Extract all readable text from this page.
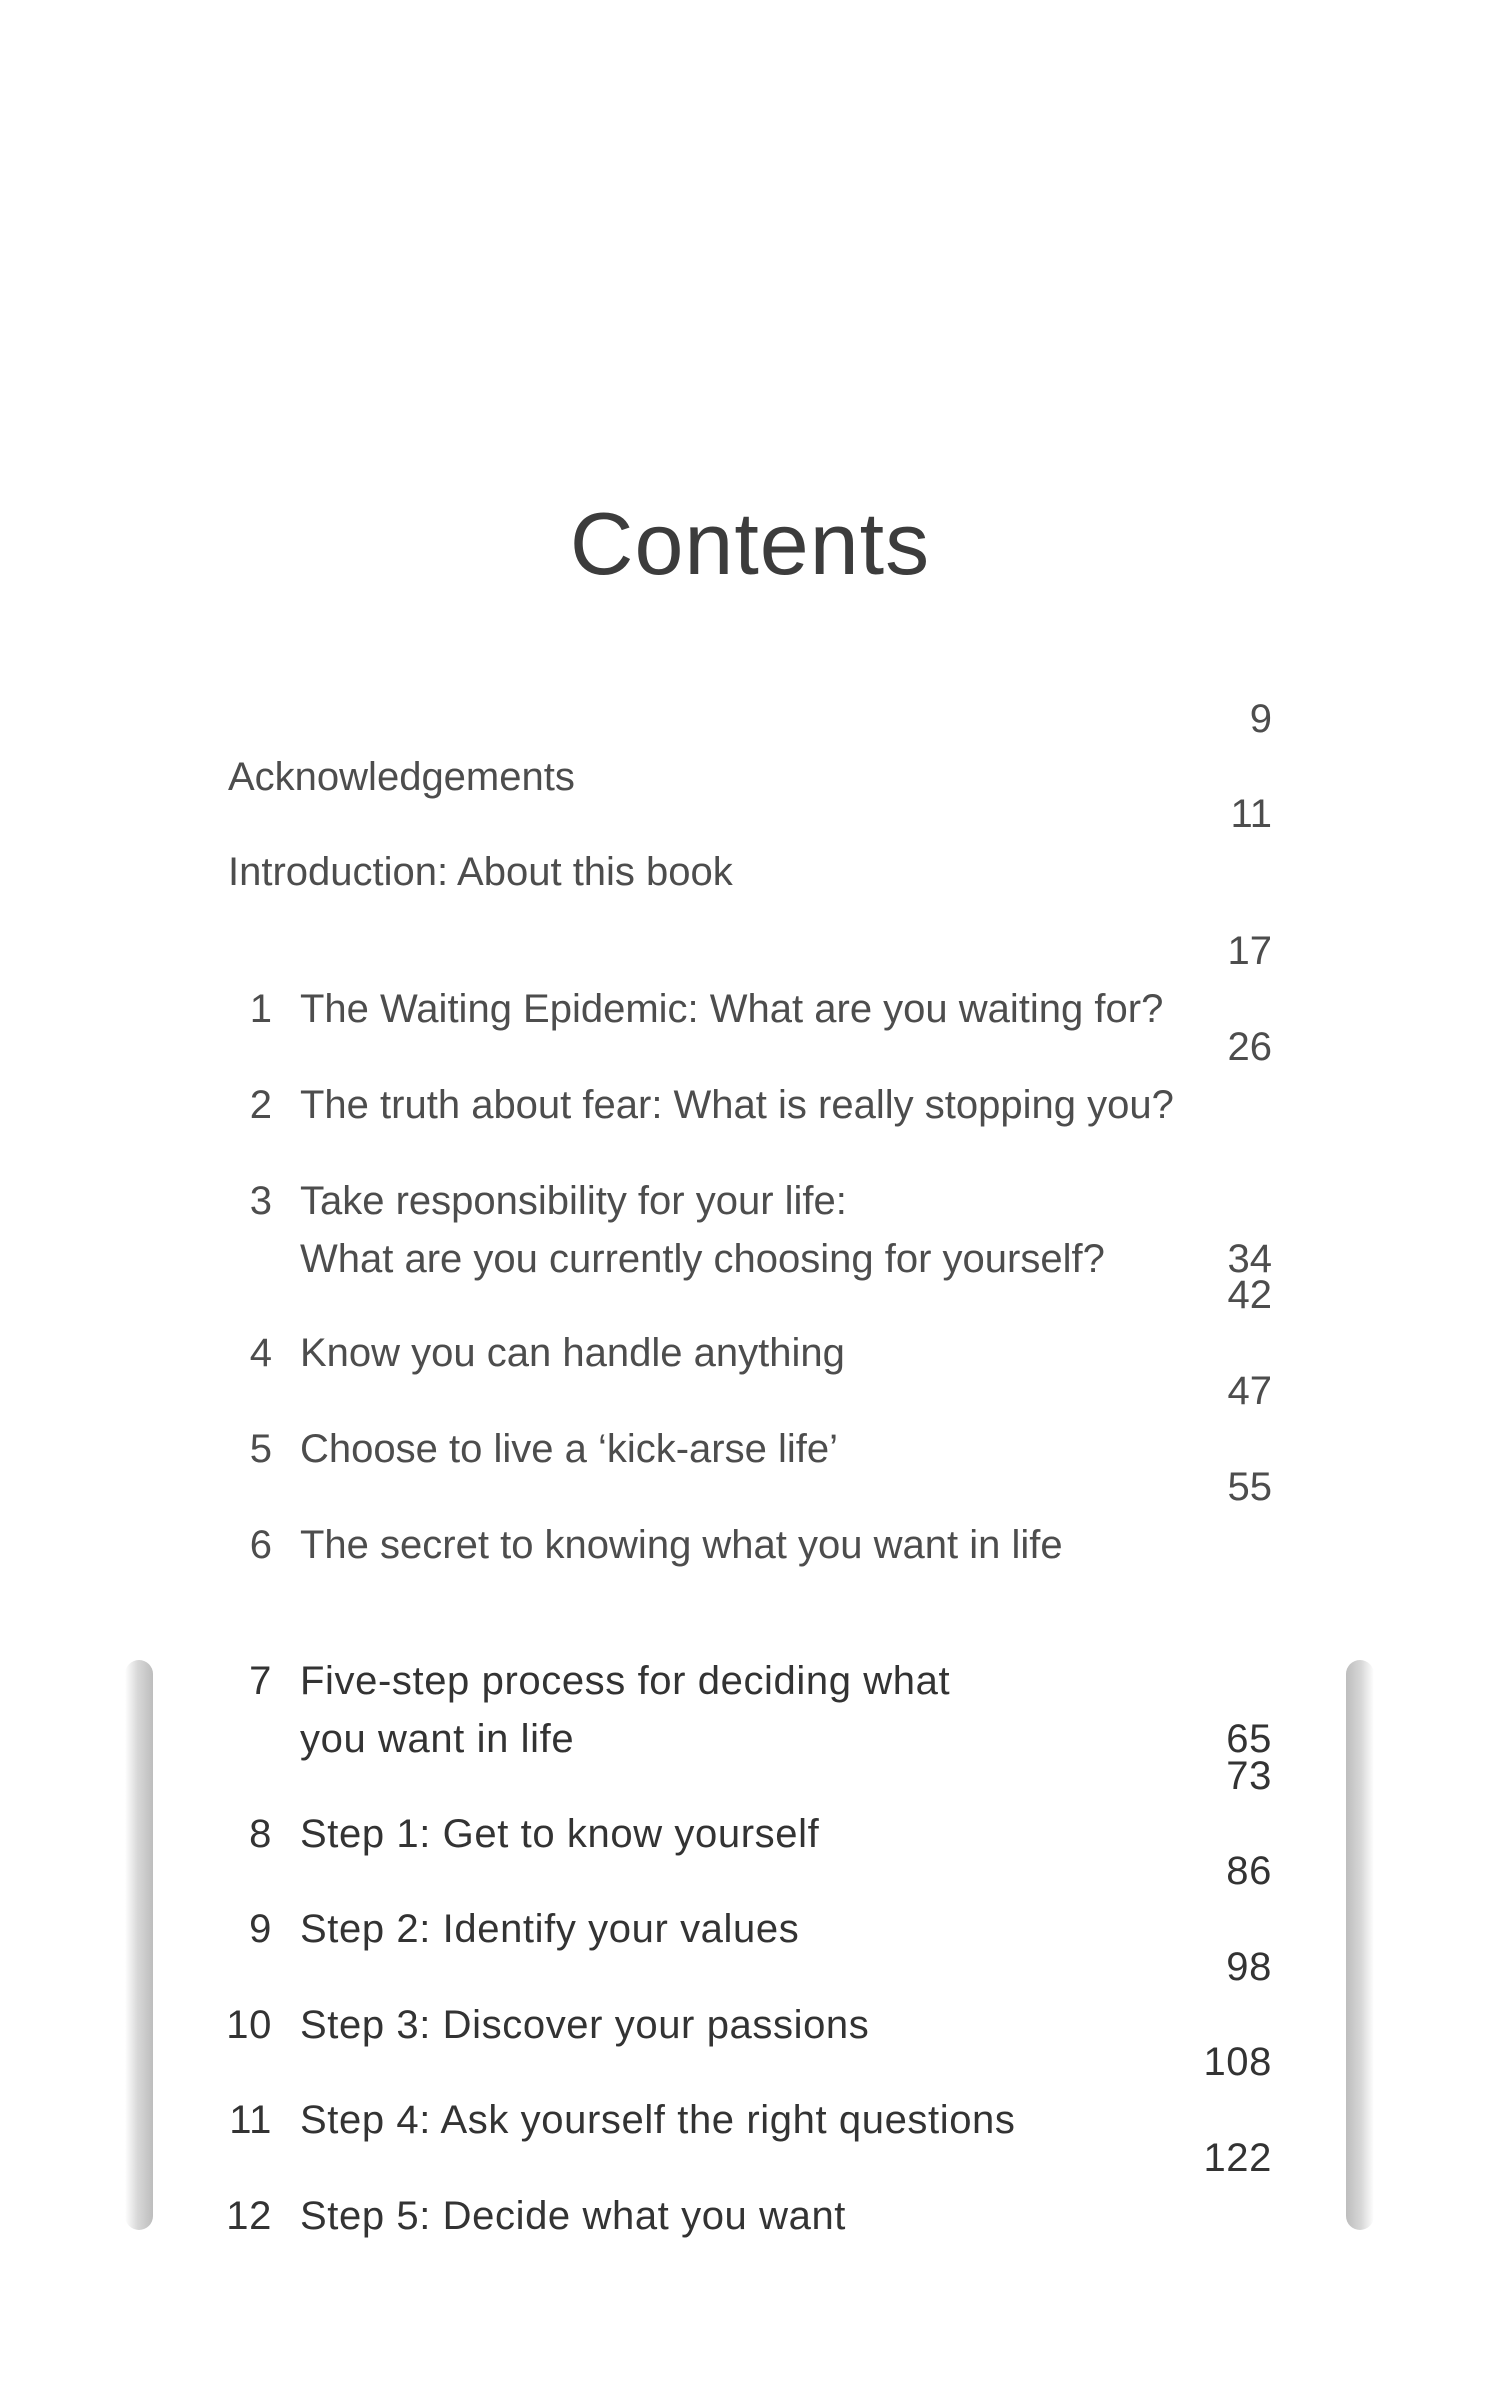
Contents
Acknowledgements
9
Introduction: About this book
11
1 The Waiting Epidemic: What are you waiting for?
17
2 The truth about fear: What is really stopping you?
26
3 Take responsibility for your life:
What are you currently choosing for yourself?	34
4 Know you can handle anything
42
5 Choose to live a ‘kick-arse life’
47
6 The secret to knowing what you want in life
55
7 Five-step process for deciding what
you want in life	65
8 Step 1: Get to know yourself
73
9 Step 2: Identify your values
86
10 Step 3: Discover your passions
98
11 Step 4: Ask yourself the right questions
108
12 Step 5: Decide what you want
122
